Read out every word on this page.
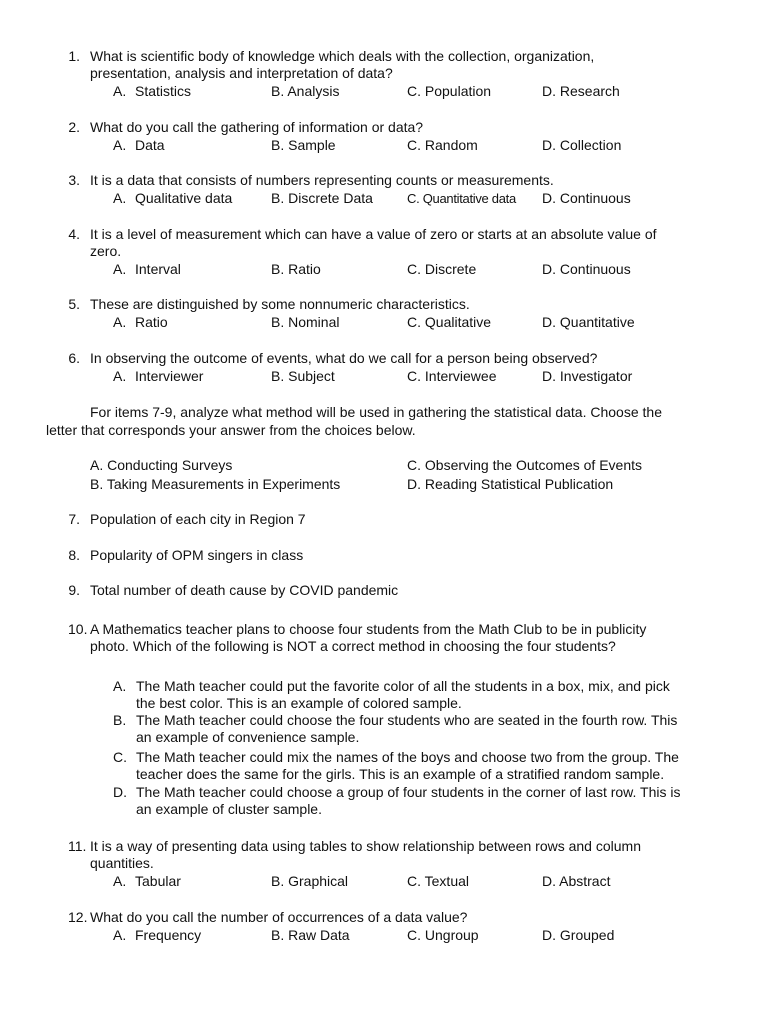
1. What is scientific body of knowledge which deals with the collection, organization,
presentation, analysis and interpretation of data?
A. Statistics	B. Analysis	C. Population	D. Research
2. What do you call the gathering of information or data?
A. Data	B. Sample	C. Random	D. Collection
3. It is a data that consists of numbers representing counts or measurements.
A. Qualitative data	B. Discrete Data	C. Quantitative data D. Continuous
4. It is a level of measurement which can have a value of zero or starts at an absolute value of
zero.
A. Interval	B. Ratio	C. Discrete	D. Continuous
5. These are distinguished by some nonnumeric characteristics.
A. Ratio	B. Nominal	C. Qualitative	D. Quantitative
6. In observing the outcome of events, what do we call for a person being observed?
A. Interviewer	B. Subject	C. Interviewee	D. Investigator
For items 7-9, analyze what method will be used in gathering the statistical data. Choose the
letter that corresponds your answer from the choices below.
A. Conducting Surveys	C. Observing the Outcomes of Events
B. Taking Measurements in Experiments	D. Reading Statistical Publication
7. Population of each city in Region 7
8. Popularity of OPM singers in class
9. Total number of death cause by COVID pandemic
10. A Mathematics teacher plans to choose four students from the Math Club to be in publicity
photo. Which of the following is NOT a correct method in choosing the four students?
A. The Math teacher could put the favorite color of all the students in a box, mix, and pick
the best color. This is an example of colored sample.
B. The Math teacher could choose the four students who are seated in the fourth row. This
an example of convenience sample.
C. The Math teacher could mix the names of the boys and choose two from the group. The
teacher does the same for the girls. This is an example of a stratified random sample.
D. The Math teacher could choose a group of four students in the corner of last row. This is
an example of cluster sample.
11. It is a way of presenting data using tables to show relationship between rows and column
quantities.
A. Tabular	B. Graphical	C. Textual	D. Abstract
12. What do you call the number of occurrences of a data value?
A. Frequency	B. Raw Data	C. Ungroup	D. Grouped
